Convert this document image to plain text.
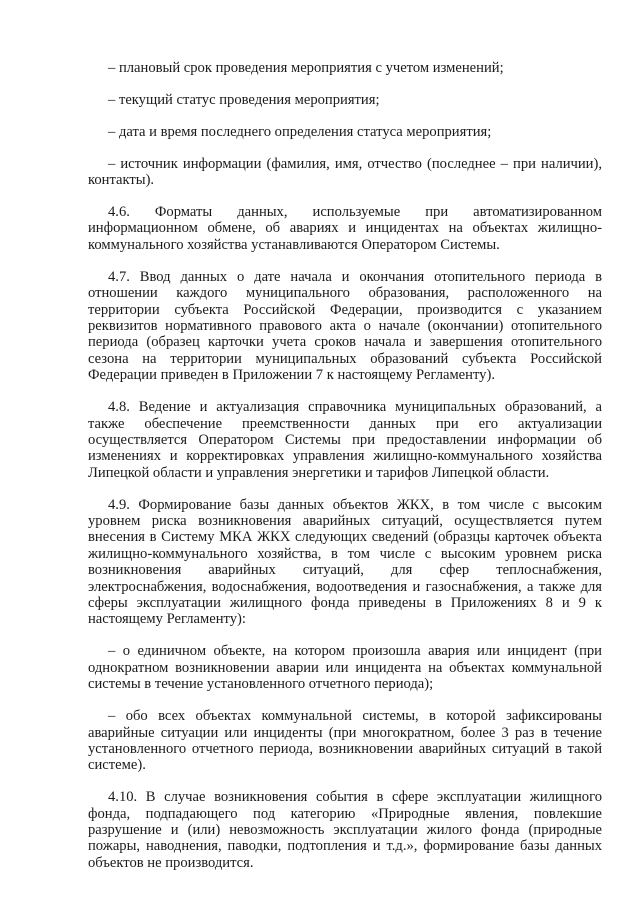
– плановый срок проведения мероприятия с учетом изменений;

– текущий статус проведения мероприятия;

– дата и время последнего определения статуса мероприятия;

– источник информации (фамилия, имя, отчество (последнее – при наличии), контакты).

4.6. Форматы данных, используемые при автоматизированном информационном обмене, об авариях и инцидентах на объектах жилищно-коммунального хозяйства устанавливаются Оператором Системы.

4.7. Ввод данных о дате начала и окончания отопительного периода в отношении каждого муниципального образования, расположенного на территории субъекта Российской Федерации, производится с указанием реквизитов нормативного правового акта о начале (окончании) отопительного периода (образец карточки учета сроков начала и завершения отопительного сезона на территории муниципальных образований субъекта Российской Федерации приведен в Приложении 7 к настоящему Регламенту).

4.8. Ведение и актуализация справочника муниципальных образований, а также обеспечение преемственности данных при его актуализации осуществляется Оператором Системы при предоставлении информации об изменениях и корректировках управления жилищно-коммунального хозяйства Липецкой области и управления энергетики и тарифов Липецкой области.

4.9. Формирование базы данных объектов ЖКХ, в том числе с высоким уровнем риска возникновения аварийных ситуаций, осуществляется путем внесения в Систему МКА ЖКХ следующих сведений (образцы карточек объекта жилищно-коммунального хозяйства, в том числе с высоким уровнем риска возникновения аварийных ситуаций, для сфер теплоснабжения, электроснабжения, водоснабжения, водоотведения и газоснабжения, а также для сферы эксплуатации жилищного фонда приведены в Приложениях 8 и 9 к настоящему Регламенту):

– о единичном объекте, на котором произошла авария или инцидент (при однократном возникновении аварии или инцидента на объектах коммунальной системы в течение установленного отчетного периода);

– обо всех объектах коммунальной системы, в которой зафиксированы аварийные ситуации или инциденты (при многократном, более 3 раз в течение установленного отчетного периода, возникновении аварийных ситуаций в такой системе).

4.10. В случае возникновения события в сфере эксплуатации жилищного фонда, подпадающего под категорию «Природные явления, повлекшие разрушение и (или) невозможность эксплуатации жилого фонда (природные пожары, наводнения, паводки, подтопления и т.д.», формирование базы данных объектов не производится.
